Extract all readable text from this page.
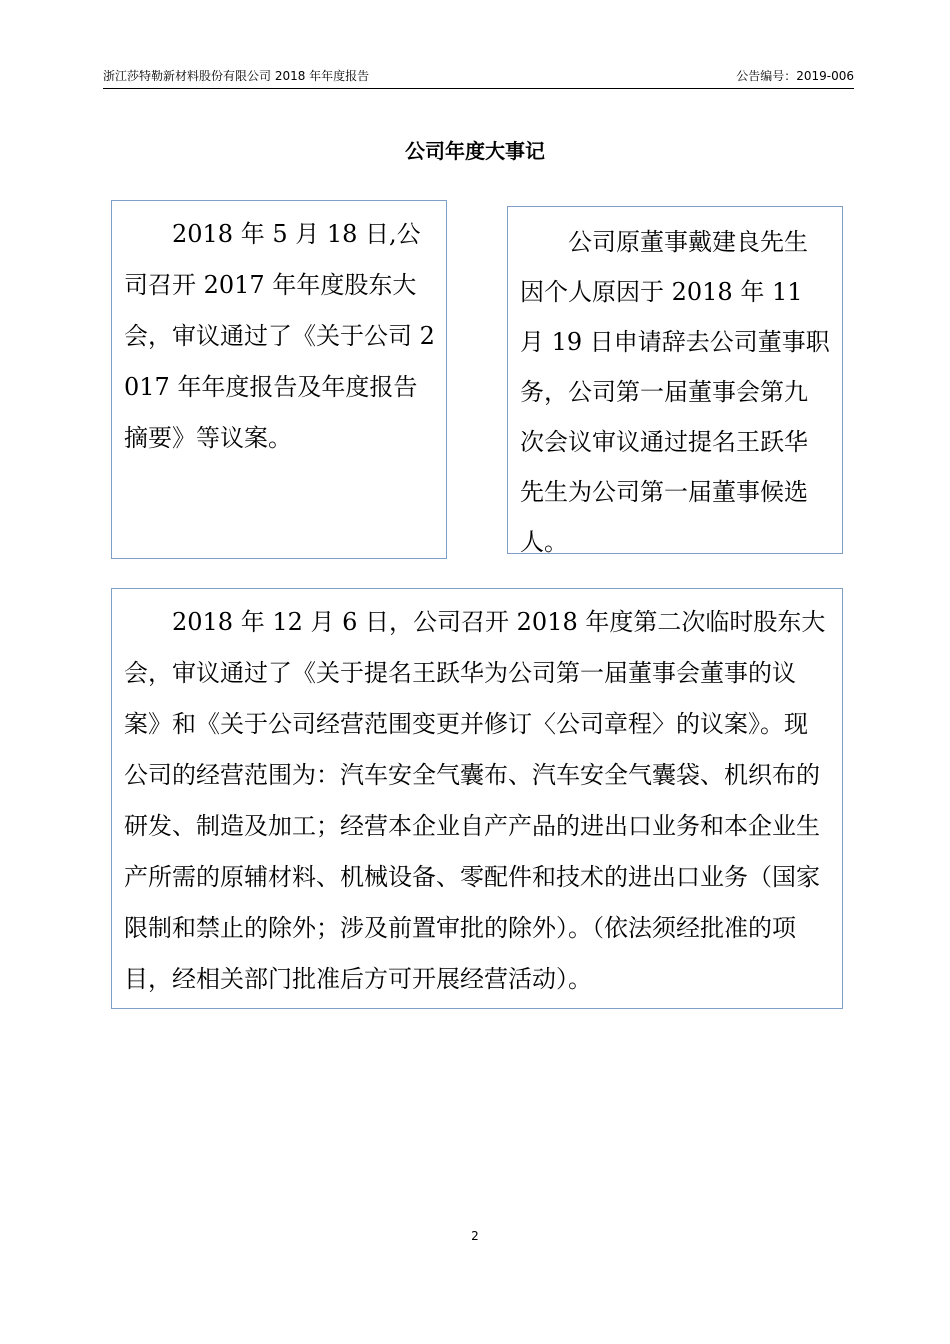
浙江莎特勒新材料股份有限公司 2018 年年度报告	公告编号：2019-006
公司年度大事记

2018 年 5 月 18 日,公司召开 2017 年年度股东大会，审议通过了《关于公司 2017 年年度报告及年度报告摘要》等议案。

公司原董事戴建良先生因个人原因于 2018 年 11 月 19 日申请辞去公司董事职务，公司第一届董事会第九次会议审议通过提名王跃华先生为公司第一届董事候选人。

2018 年 12 月 6 日，公司召开 2018 年度第二次临时股东大会，审议通过了《关于提名王跃华为公司第一届董事会董事的议案》和《关于公司经营范围变更并修订〈公司章程〉的议案》。现公司的经营范围为：汽车安全气囊布、汽车安全气囊袋、机织布的研发、制造及加工；经营本企业自产产品的进出口业务和本企业生产所需的原辅材料、机械设备、零配件和技术的进出口业务（国家限制和禁止的除外；涉及前置审批的除外）。（依法须经批准的项目，经相关部门批准后方可开展经营活动）。

2
